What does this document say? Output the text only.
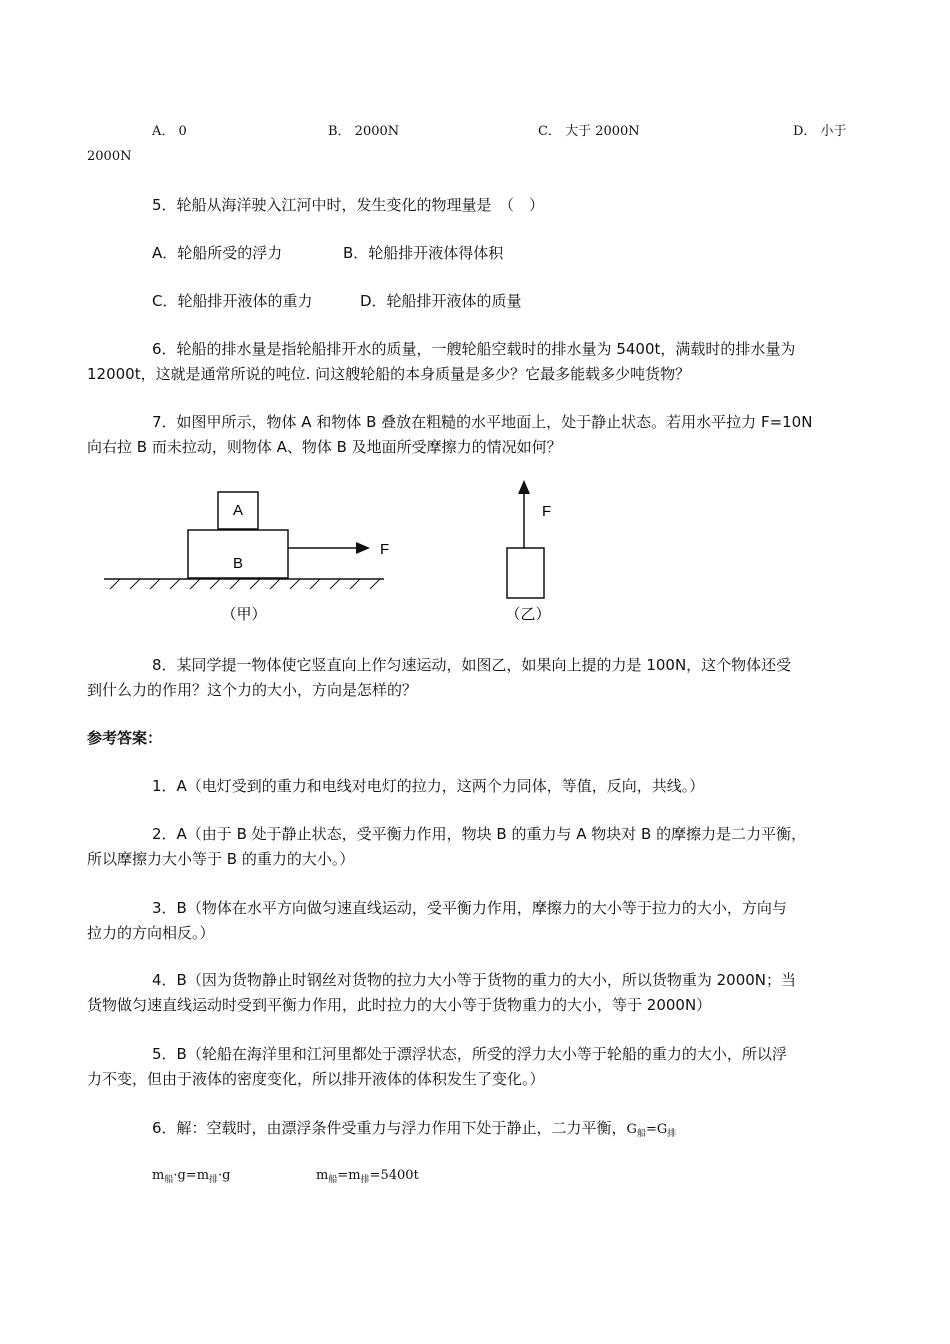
A． 0	B． 2000N	C． 大于 2000N	D． 小于
2000N
5．轮船从海洋驶入江河中时，发生变化的物理量是　（　）
A．轮船所受的浮力	B．轮船排开液体得体积
C．轮船排开液体的重力	D．轮船排开液体的质量
6．轮船的排水量是指轮船排开水的质量，一艘轮船空载时的排水量为 5400t，满载时的排水量为
12000t，这就是通常所说的吨位. 问这艘轮船的本身质量是多少？它最多能载多少吨货物？
7．如图甲所示，物体 A 和物体 B 叠放在粗糙的水平地面上，处于静止状态。若用水平拉力 F=10N
向右拉 B 而未拉动，则物体 A、物体 B 及地面所受摩擦力的情况如何？
A
B
F
（甲）
F
（乙）
8．某同学提一物体使它竖直向上作匀速运动，如图乙，如果向上提的力是 100N，这个物体还受
到什么力的作用？这个力的大小，方向是怎样的？
参考答案：
1．A（电灯受到的重力和电线对电灯的拉力，这两个力同体，等值，反向，共线。）
2．A（由于 B 处于静止状态，受平衡力作用，物块 B 的重力与 A 物块对 B 的摩擦力是二力平衡，
所以摩擦力大小等于 B 的重力的大小。）
3．B（物体在水平方向做匀速直线运动，受平衡力作用，摩擦力的大小等于拉力的大小，方向与
拉力的方向相反。）
4．B（因为货物静止时钢丝对货物的拉力大小等于货物的重力的大小，所以货物重为 2000N；当
货物做匀速直线运动时受到平衡力作用，此时拉力的大小等于货物重力的大小，等于 2000N）
5．B（轮船在海洋里和江河里都处于漂浮状态，所受的浮力大小等于轮船的重力的大小，所以浮
力不变，但由于液体的密度变化，所以排开液体的体积发生了变化。）
6．解：空载时，由漂浮条件受重力与浮力作用下处于静止，二力平衡，$G_船=G_排$
$m_船\cdot g=m_排\cdot g$	$m_船=m_排=5400t$
